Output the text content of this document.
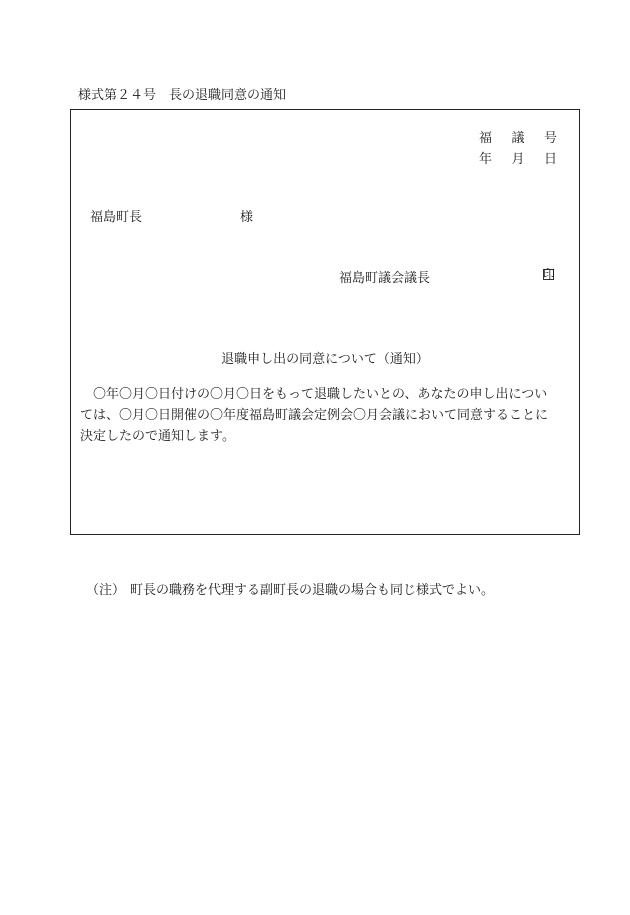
様式第２４号　長の退職同意の通知
福 議 号
年 月 日
福島町長	様
福島町議会議長	印
退職申し出の同意について（通知）
　〇年〇月〇日付けの〇月〇日をもって退職したいとの、あなたの申し出については、〇月〇日開催の〇年度福島町議会定例会〇月会議において同意することに決定したので通知します。
（注） 町長の職務を代理する副町長の退職の場合も同じ様式でよい。
